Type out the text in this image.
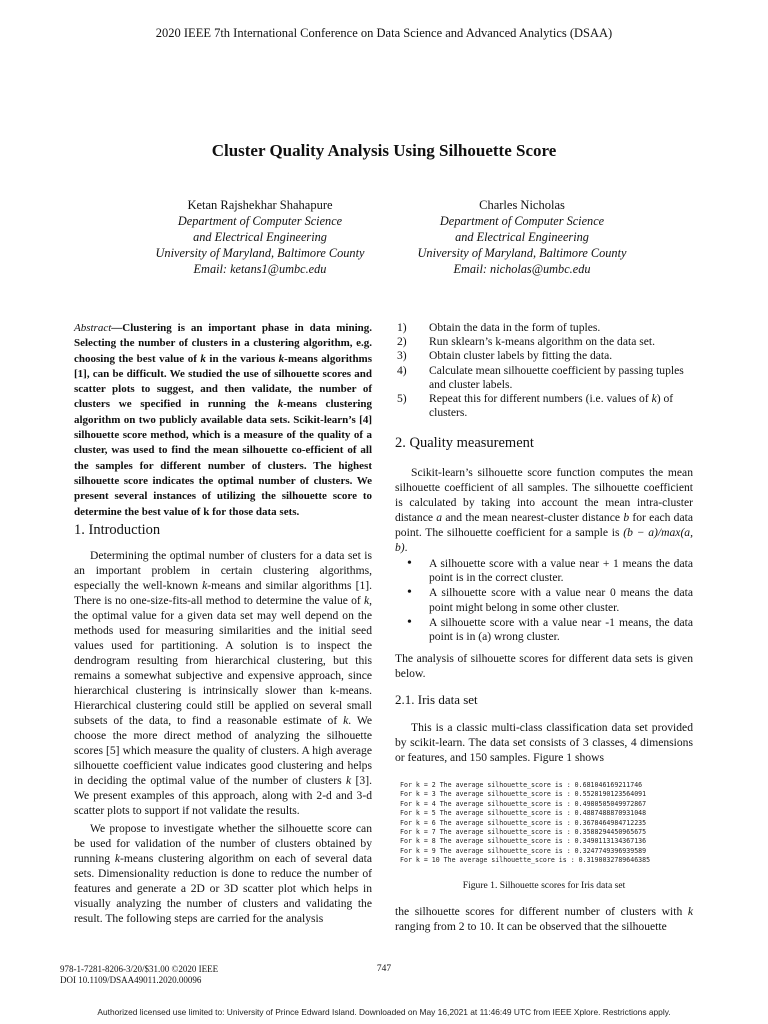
2020 IEEE 7th International Conference on Data Science and Advanced Analytics (DSAA)
Cluster Quality Analysis Using Silhouette Score
Ketan Rajshekhar Shahapure
Department of Computer Science
and Electrical Engineering
University of Maryland, Baltimore County
Email: ketans1@umbc.edu
Charles Nicholas
Department of Computer Science
and Electrical Engineering
University of Maryland, Baltimore County
Email: nicholas@umbc.edu

Abstract—Clustering is an important phase in data mining. Selecting the number of clusters in a clustering algorithm, e.g. choosing the best value of k in the various k-means algorithms [1], can be difficult. We studied the use of silhouette scores and scatter plots to suggest, and then validate, the number of clusters we specified in running the k-means clustering algorithm on two publicly available data sets. Scikit-learn’s [4] silhouette score method, which is a measure of the quality of a cluster, was used to find the mean silhouette co-efficient of all the samples for different number of clusters. The highest silhouette score indicates the optimal number of clusters. We present several instances of utilizing the silhouette score to determine the best value of k for those data sets.

1. Introduction

Determining the optimal number of clusters for a data set is an important problem in certain clustering algorithms, especially the well-known k-means and similar algorithms [1]. There is no one-size-fits-all method to determine the value of k, the optimal value for a given data set may well depend on the methods used for measuring similarities and the initial seed values used for partitioning. A solution is to inspect the dendrogram resulting from hierarchical clustering, but this remains a somewhat subjective and expensive approach, since hierarchical clustering is intrinsically slower than k-means. Hierarchical clustering could still be applied on several small subsets of the data, to find a reasonable estimate of k. We choose the more direct method of analyzing the silhouette scores [5] which measure the quality of clusters. A high average silhouette coefficient value indicates good clustering and helps in deciding the optimal value of the number of clusters k [3]. We present examples of this approach, along with 2-d and 3-d scatter plots to support if not validate the results.

We propose to investigate whether the silhouette score can be used for validation of the number of clusters obtained by running k-means clustering algorithm on each of several data sets. Dimensionality reduction is done to reduce the number of features and generate a 2D or 3D scatter plot which helps in visually analyzing the number of clusters and validating the result. The following steps are carried for the analysis

1)	Obtain the data in the form of tuples.
2)	Run sklearn’s k-means algorithm on the data set.
3)	Obtain cluster labels by fitting the data.
4)	Calculate mean silhouette coefficient by passing tuples and cluster labels.
5)	Repeat this for different numbers (i.e. values of k) of clusters.
2. Quality measurement

Scikit-learn’s silhouette score function computes the mean silhouette coefficient of all samples. The silhouette coefficient is calculated by taking into account the mean intra-cluster distance a and the mean nearest-cluster distance b for each data point. The silhouette coefficient for a sample is (b − a)/max(a, b).

•	A silhouette score with a value near + 1 means the data point is in the correct cluster.
•	A silhouette score with a value near 0 means the data point might belong in some other cluster.
•	A silhouette score with a value near -1 means, the data point is in (a) wrong cluster.

The analysis of silhouette scores for different data sets is given below.

2.1. Iris data set

This is a classic multi-class classification data set provided by scikit-learn. The data set consists of 3 classes, 4 dimensions or features, and 150 samples. Figure 1 shows

For k = 2 The average silhouette_score is : 0.681046169211746
For k = 3 The average silhouette_score is : 0.5528190123564091
For k = 4 The average silhouette_score is : 0.4980505049972867
For k = 5 The average silhouette_score is : 0.4887488870931048
For k = 6 The average silhouette_score is : 0.3678464984712235
For k = 7 The average silhouette_score is : 0.3588294450965675
For k = 8 The average silhouette_score is : 0.3490113134367136
For k = 9 The average silhouette_score is : 0.3247749396939589
For k = 10 The average silhouette_score is : 0.3190032789646385
Figure 1. Silhouette scores for Iris data set

the silhouette scores for different number of clusters with k ranging from 2 to 10. It can be observed that the silhouette

978-1-7281-8206-3/20/$31.00 ©2020 IEEE
DOI 10.1109/DSAA49011.2020.00096
747
Authorized licensed use limited to: University of Prince Edward Island. Downloaded on May 16,2021 at 11:46:49 UTC from IEEE Xplore. Restrictions apply.
